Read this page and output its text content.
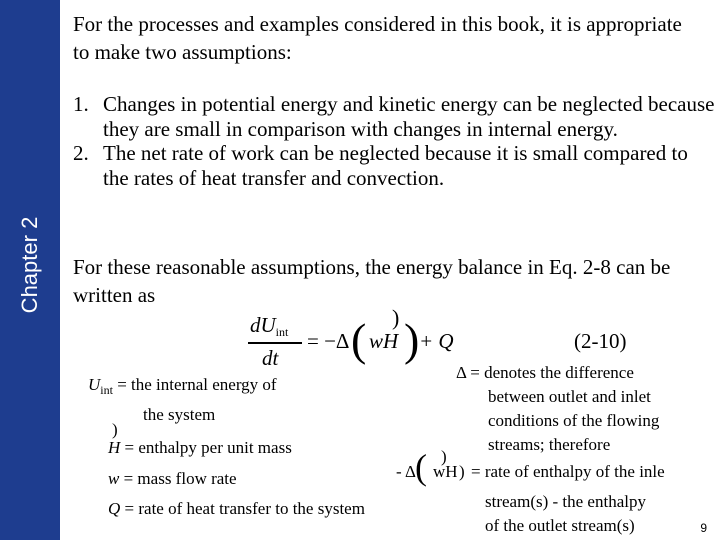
Chapter 2
For the processes and examples considered in this book, it is appropriate to make two assumptions:
1. Changes in potential energy and kinetic energy can be neglected because they are small in comparison with changes in internal energy.
2. The net rate of work can be neglected because it is small compared to the rates of heat transfer and convection.
For these reasonable assumptions, the energy balance in Eq. 2-8 can be written as
$dU_{int}$
dt
= −Δ ( wH
) ) + Q	(2-10)
$U_{int}$ = the internal energy of
the system
)
H = enthalpy per unit mass
w = mass flow rate
Q = rate of heat transfer to the system
Δ = denotes the difference
between outlet and inlet
conditions of the flowing
streams; therefore
)
- Δ ( wH ) = rate of enthalpy of the inle
stream(s) - the enthalpy
of the outlet stream(s)	9
